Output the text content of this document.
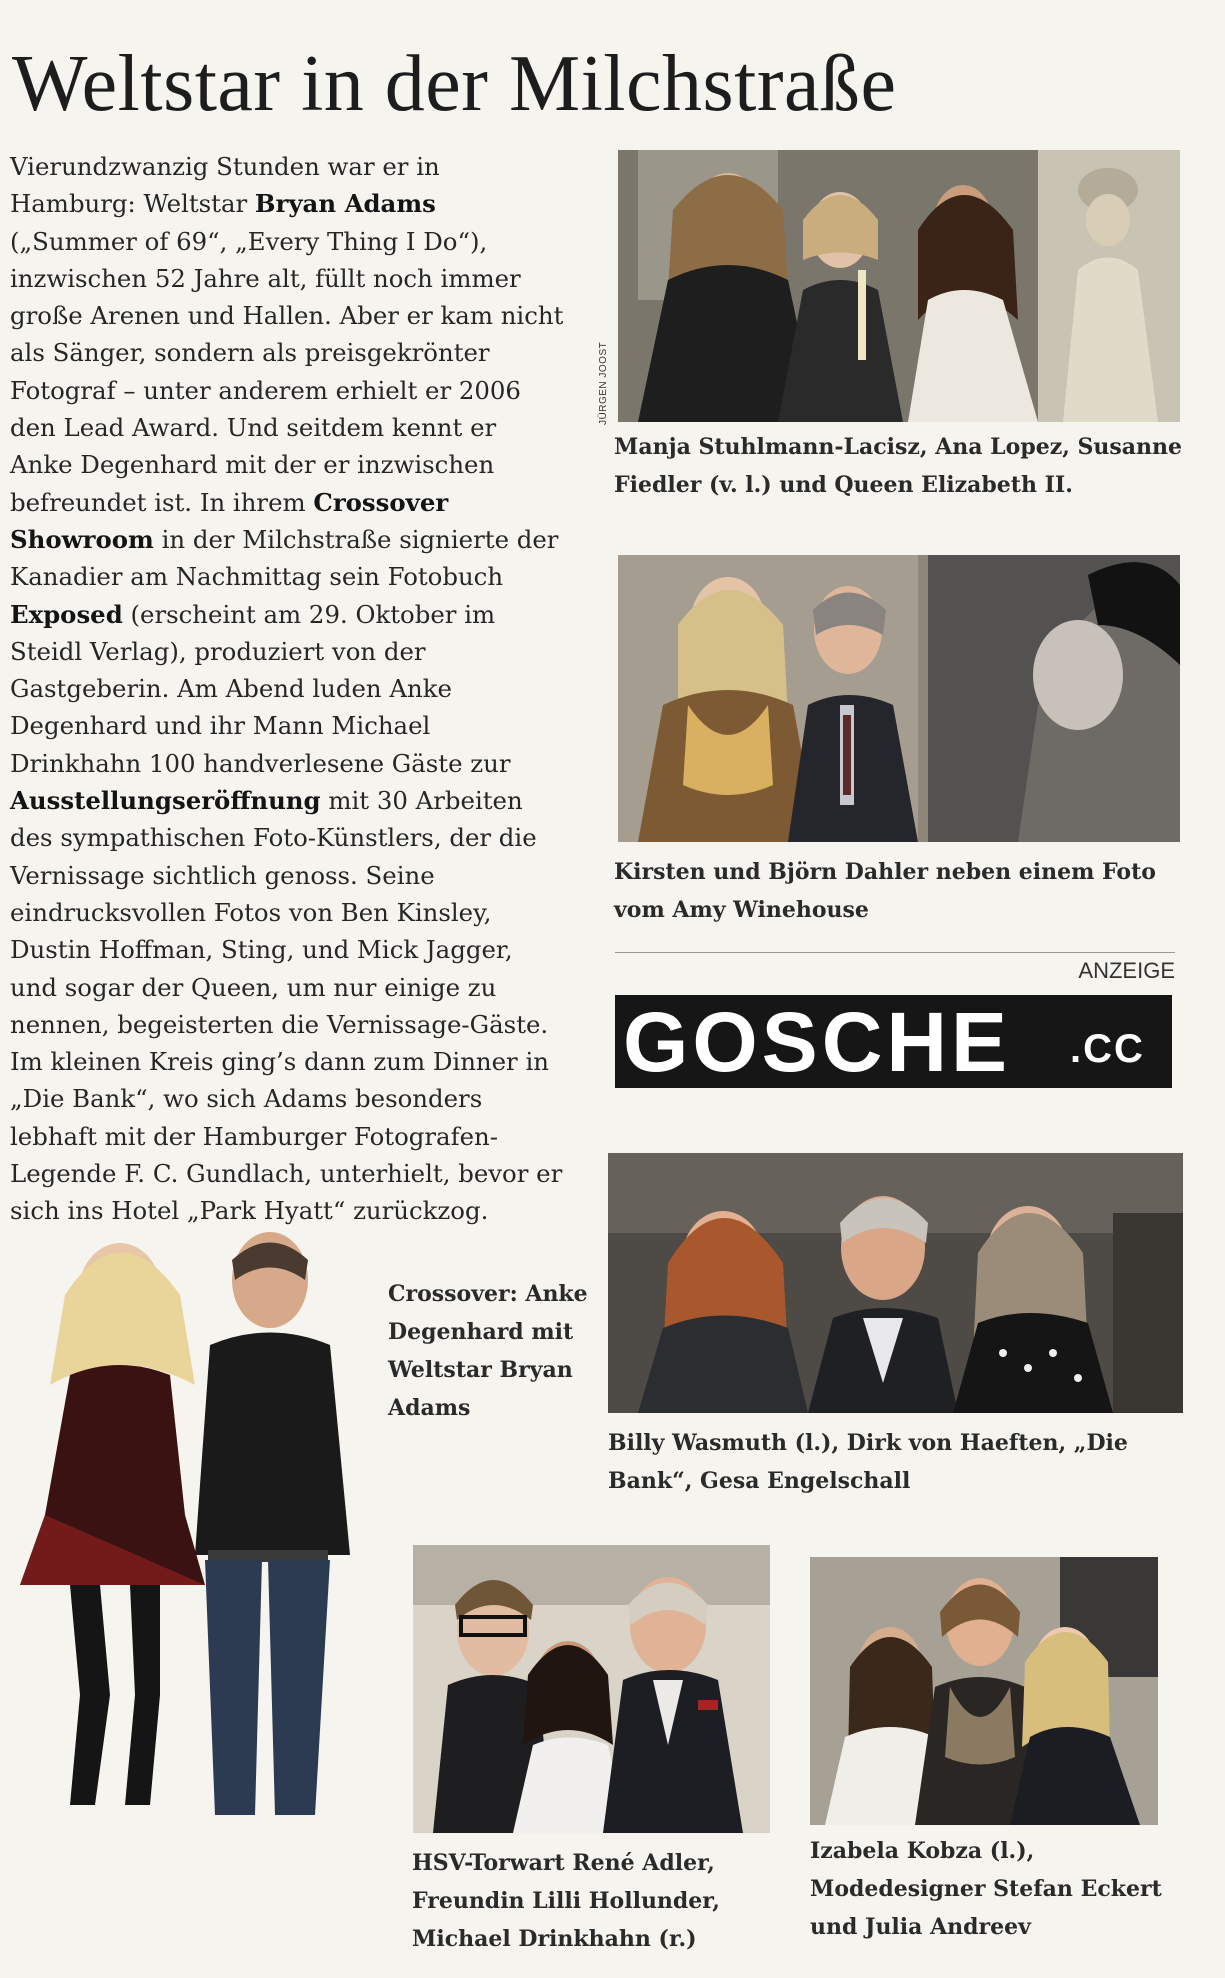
Weltstar in der Milchstraße

Vierundzwanzig Stunden war er in Hamburg: Weltstar Bryan Adams („Summer of 69“, „Every Thing I Do“), inzwischen 52 Jahre alt, füllt noch immer große Arenen und Hallen. Aber er kam nicht als Sänger, sondern als preisgekrönter Fotograf – unter anderem erhielt er 2006 den Lead Award. Und seitdem kennt er Anke Degenhard mit der er inzwischen befreundet ist. In ihrem Crossover Showroom in der Milchstraße signierte der Kanadier am Nachmittag sein Fotobuch Exposed (erscheint am 29. Oktober im Steidl Verlag), produziert von der Gastgeberin. Am Abend luden Anke Degenhard und ihr Mann Michael Drinkhahn 100 handverlesene Gäste zur Ausstellungseröffnung mit 30 Arbeiten des sympathischen Foto-Künstlers, der die Vernissage sichtlich genoss. Seine eindrucksvollen Fotos von Ben Kinsley, Dustin Hoffman, Sting, und Mick Jagger, und sogar der Queen, um nur einige zu nennen, begeisterten die Vernissage-Gäste. Im kleinen Kreis ging’s dann zum Dinner in „Die Bank“, wo sich Adams besonders lebhaft mit der Hamburger Fotografen-Legende F. C. Gundlach, unterhielt, bevor er sich ins Hotel „Park Hyatt“ zurückzog.

JÜRGEN JOOST

Manja Stuhlmann-Lacisz, Ana Lopez, Susanne Fiedler (v. l.) und Queen Elizabeth II.

Kirsten und Björn Dahler neben einem Foto vom Amy Winehouse

ANZEIGE
GOSCHE .CC

Billy Wasmuth (l.), Dirk von Haeften, „Die Bank“, Gesa Engelschall

Crossover: Anke Degenhard mit Weltstar Bryan Adams

HSV-Torwart René Adler, Freundin Lilli Hollunder, Michael Drinkhahn (r.)

Izabela Kobza (l.), Modedesigner Stefan Eckert und Julia Andreev
